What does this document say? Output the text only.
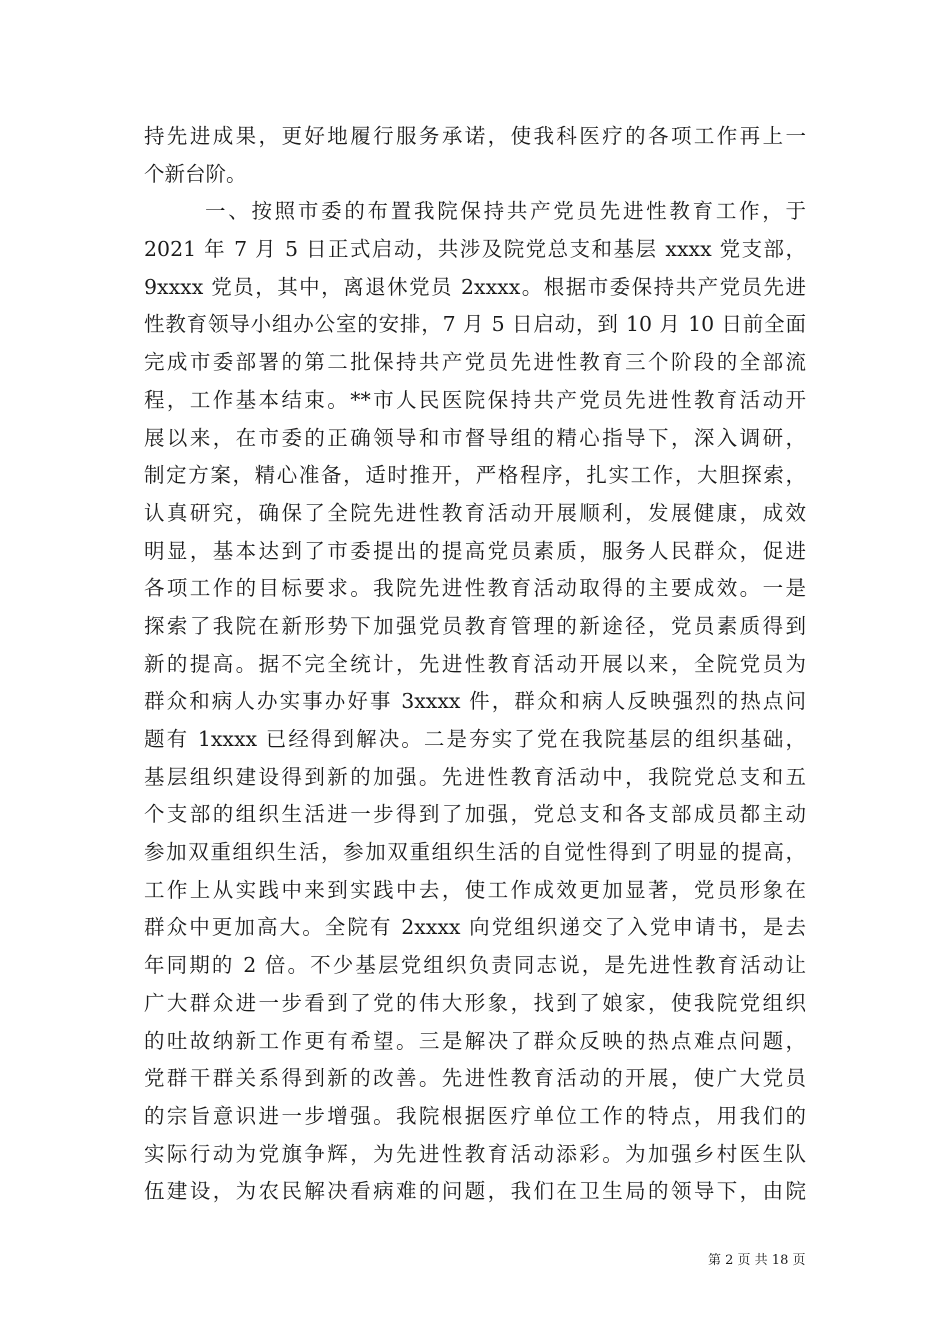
持先进成果，更好地履行服务承诺，使我科医疗的各项工作再上一
个新台阶。
一、按照市委的布置我院保持共产党员先进性教育工作，于
2021 年 7 月 5 日正式启动，共涉及院党总支和基层 xxxx 党支部，
9xxxx 党员，其中，离退休党员 2xxxx。根据市委保持共产党员先进
性教育领导小组办公室的安排，7 月 5 日启动，到 10 月 10 日前全面
完成市委部署的第二批保持共产党员先进性教育三个阶段的全部流
程，工作基本结束。**市人民医院保持共产党员先进性教育活动开
展以来，在市委的正确领导和市督导组的精心指导下，深入调研，
制定方案，精心准备，适时推开，严格程序，扎实工作，大胆探索，
认真研究，确保了全院先进性教育活动开展顺利，发展健康，成效
明显，基本达到了市委提出的提高党员素质，服务人民群众，促进
各项工作的目标要求。我院先进性教育活动取得的主要成效。一是
探索了我院在新形势下加强党员教育管理的新途径，党员素质得到
新的提高。据不完全统计，先进性教育活动开展以来，全院党员为
群众和病人办实事办好事 3xxxx 件，群众和病人反映强烈的热点问
题有 1xxxx 已经得到解决。二是夯实了党在我院基层的组织基础，
基层组织建设得到新的加强。先进性教育活动中，我院党总支和五
个支部的组织生活进一步得到了加强，党总支和各支部成员都主动
参加双重组织生活，参加双重组织生活的自觉性得到了明显的提高，
工作上从实践中来到实践中去，使工作成效更加显著，党员形象在
群众中更加高大。全院有 2xxxx 向党组织递交了入党申请书，是去
年同期的 2 倍。不少基层党组织负责同志说，是先进性教育活动让
广大群众进一步看到了党的伟大形象，找到了娘家，使我院党组织
的吐故纳新工作更有希望。三是解决了群众反映的热点难点问题，
党群干群关系得到新的改善。先进性教育活动的开展，使广大党员
的宗旨意识进一步增强。我院根据医疗单位工作的特点，用我们的
实际行动为党旗争辉，为先进性教育活动添彩。为加强乡村医生队
伍建设，为农民解决看病难的问题，我们在卫生局的领导下，由院
第 2 页 共 18 页
